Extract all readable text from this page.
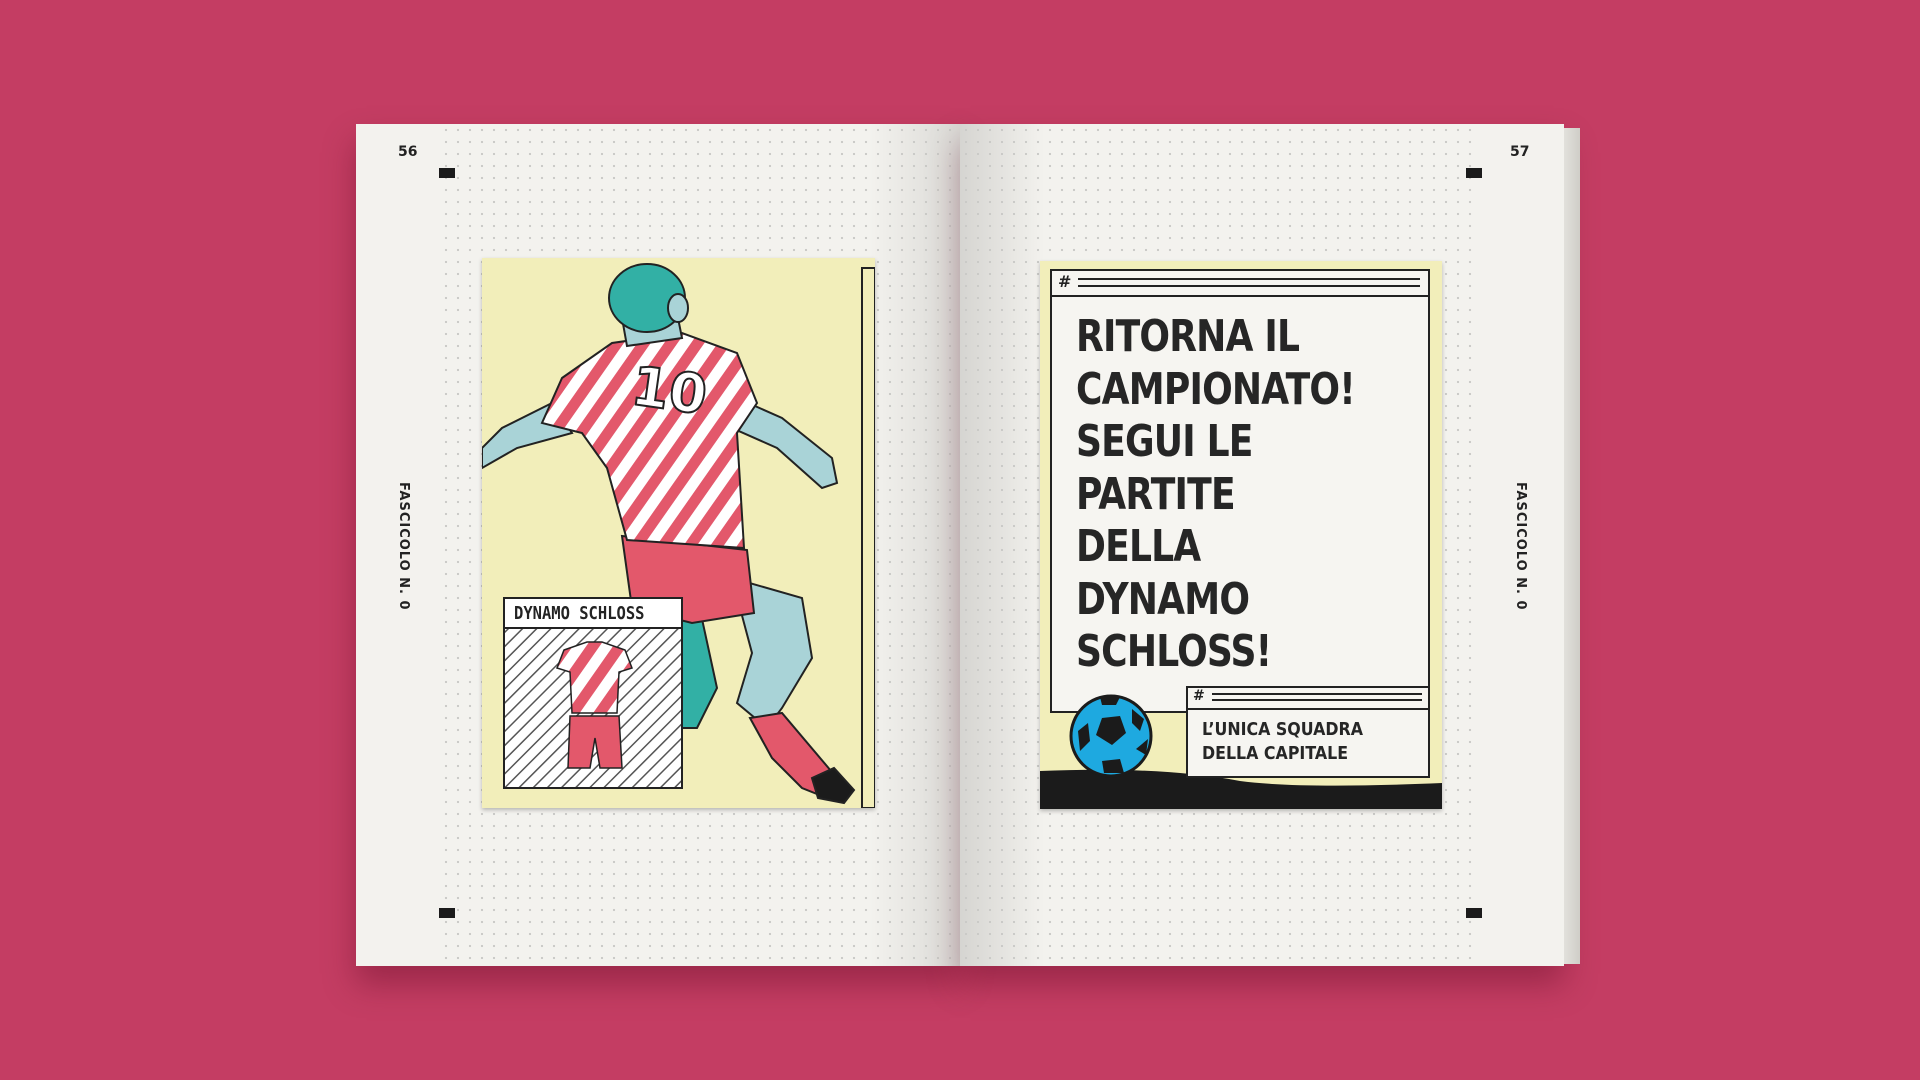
56
FASCICOLO N. 0
10
DYNAMO SCHLOSS
57
FASCICOLO N. 0
#
RITORNA IL
CAMPIONATO!
SEGUI LE
PARTITE
DELLA
DYNAMO
SCHLOSS!
#
L’UNICA SQUADRA
DELLA CAPITALE
